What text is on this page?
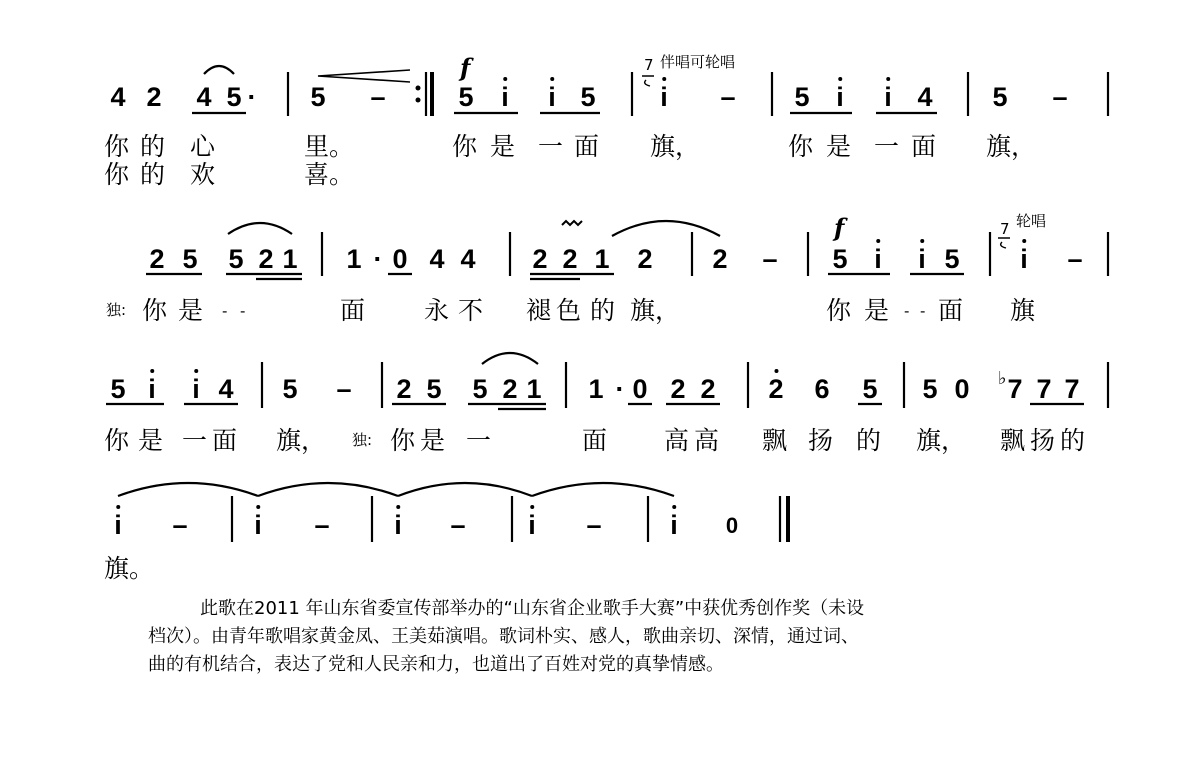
4 2 4 5 · 5 –
f
5 i i 5
7 伴唱可轮唱
i – 5 i i 4 5 –
你 的 心	里。	你 是 一 面 旗，	你 是 一 面 旗，
你 的 欢	喜。
2 5 5 2 1 1 · 0 4 4 2 2 1 2 2 –
f
5 i i 5
7 轮唱
i –
独: 你 是 - -	面 永 不 褪 色 的 旗，	你 是 - - 面 旗
5 i i 4 5 – 2 5 5 2 1 1 · 0 2 2 2 6 5 5 0 ♭ 7 7 7
你 是 一 面 旗， 独: 你 是 一	面 高 高 飘 扬 的 旗， 飘 扬 的
i – i – i – i –	i 0
旗。
此歌在2011 年山东省委宣传部举办的“山东省企业歌手大赛”中获优秀创作奖（未设
档次）。由青年歌唱家黄金凤、王美茹演唱。歌词朴实、感人，歌曲亲切、深情，通过词、
曲的有机结合，表达了党和人民亲和力，也道出了百姓对党的真挚情感。
